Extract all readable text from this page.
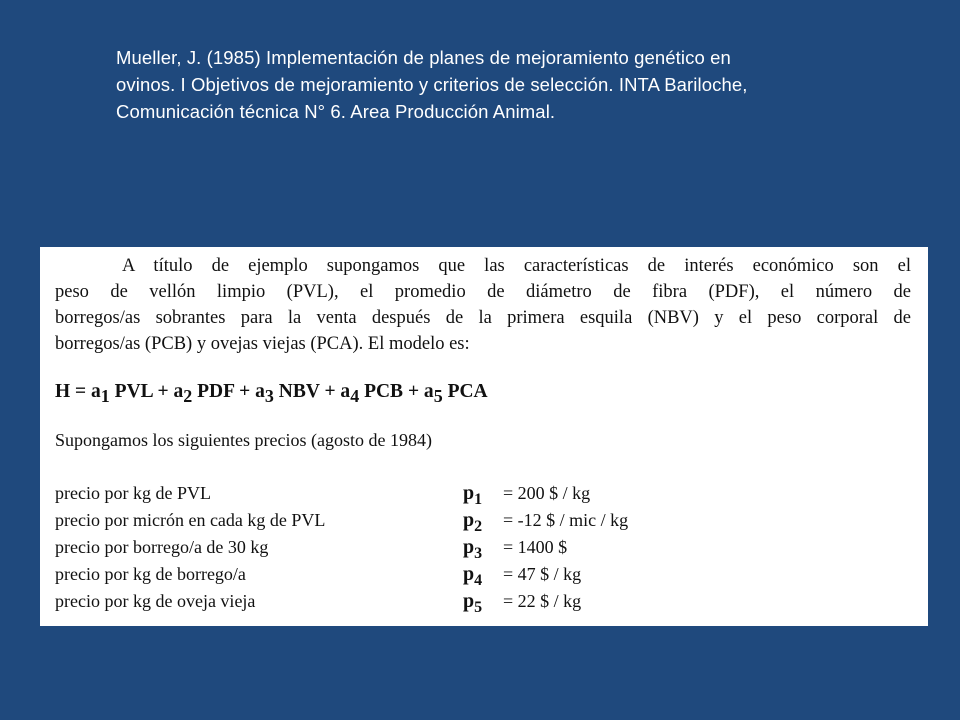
Mueller, J. (1985) Implementación de planes de mejoramiento genético en
ovinos. I Objetivos de mejoramiento y criterios de selección. INTA Bariloche,
Comunicación técnica N° 6. Area Producción Animal.
A título de ejemplo supongamos que las características de interés económico son el
peso de vellón limpio (PVL), el promedio de diámetro de fibra (PDF), el número de
borregos/as sobrantes para la venta después de la primera esquila (NBV) y el peso corporal de
borregos/as (PCB) y ovejas viejas (PCA). El modelo es:
H = a1 PVL + a2 PDF + a3 NBV + a4 PCB + a5 PCA
Supongamos los siguientes precios (agosto de 1984)
precio por kg de PVL	$p_1 = 200$ $ / kg
precio por micrón en cada kg de PVL	$p_2 = -12$ $ / mic / kg
precio por borrego/a de 30 kg	$p_3 = 1400$ $
precio por kg de borrego/a	$p_4 = 47$ $ / kg
precio por kg de oveja vieja	$p_5 = 22$ $ / kg
